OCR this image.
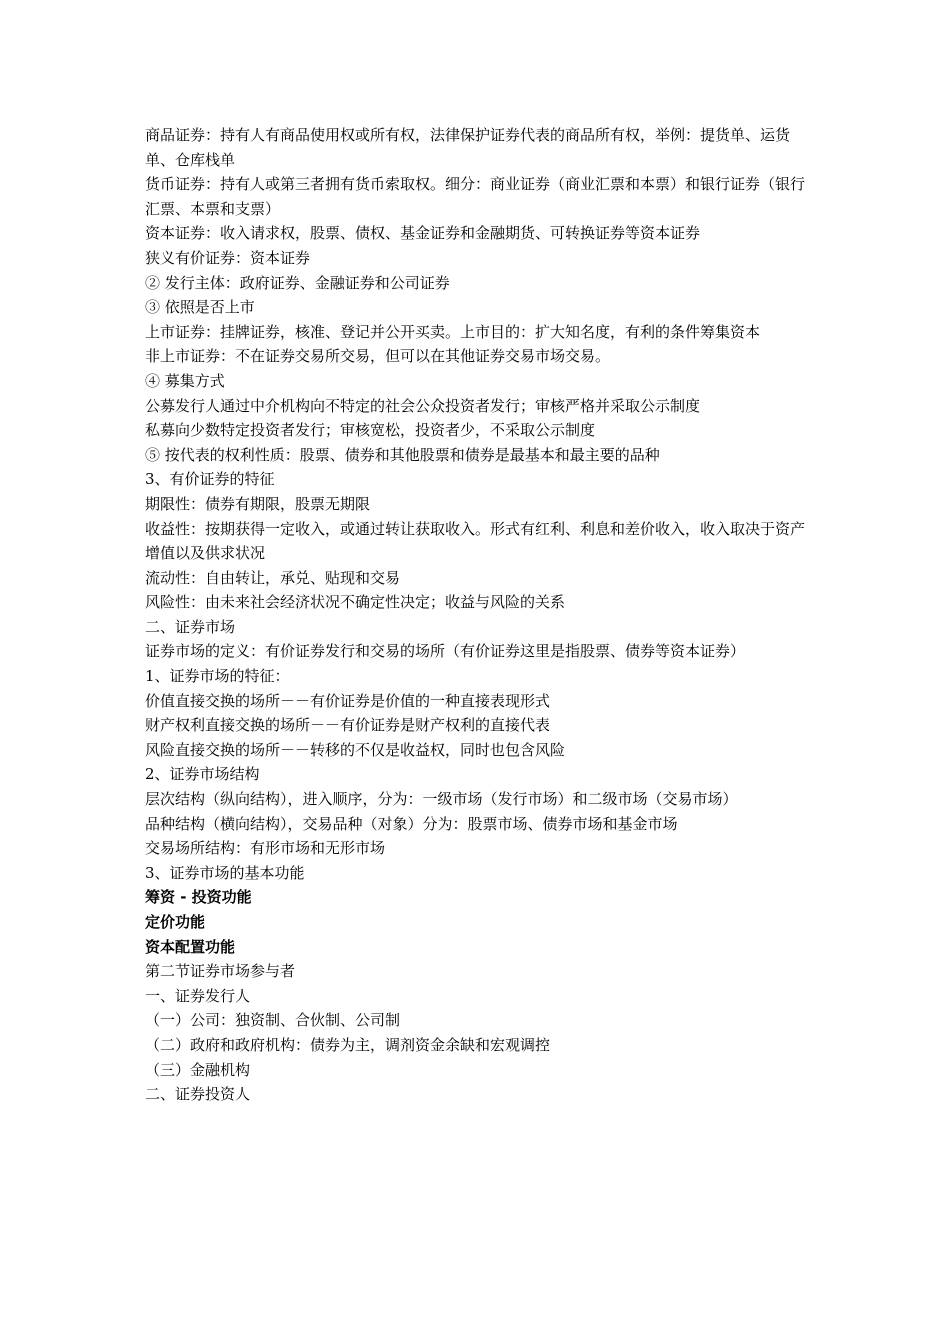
商品证券：持有人有商品使用权或所有权，法律保护证券代表的商品所有权，举例：提货单、运货单、仓库栈单

货币证券：持有人或第三者拥有货币索取权。细分：商业证券（商业汇票和本票）和银行证券（银行汇票、本票和支票）

资本证券：收入请求权，股票、债权、基金证券和金融期货、可转换证券等资本证券

狭义有价证券：资本证券

② 发行主体：政府证券、金融证券和公司证券

③ 依照是否上市

上市证券：挂牌证券，核准、登记并公开买卖。上市目的：扩大知名度，有利的条件筹集资本

非上市证券：不在证券交易所交易，但可以在其他证券交易市场交易。

④ 募集方式

公募发行人通过中介机构向不特定的社会公众投资者发行；审核严格并采取公示制度

私募向少数特定投资者发行；审核宽松，投资者少，不采取公示制度

⑤ 按代表的权利性质：股票、债券和其他股票和债券是最基本和最主要的品种

3、有价证券的特征

期限性：债券有期限，股票无期限

收益性：按期获得一定收入，或通过转让获取收入。形式有红利、利息和差价收入，收入取决于资产

增值以及供求状况

流动性：自由转让，承兑、贴现和交易

风险性：由未来社会经济状况不确定性决定；收益与风险的关系

二、证券市场

证券市场的定义：有价证券发行和交易的场所（有价证券这里是指股票、债券等资本证券）

1、证券市场的特征：

价值直接交换的场所－－有价证券是价值的一种直接表现形式

财产权利直接交换的场所－－有价证券是财产权利的直接代表

风险直接交换的场所－－转移的不仅是收益权，同时也包含风险

2、证券市场结构

层次结构（纵向结构），进入顺序，分为：一级市场（发行市场）和二级市场（交易市场）

品种结构（横向结构），交易品种（对象）分为：股票市场、债券市场和基金市场

交易场所结构：有形市场和无形市场

3、证券市场的基本功能

筹资 - 投资功能

定价功能

资本配置功能

第二节证券市场参与者

一、证券发行人

（一）公司：独资制、合伙制、公司制

（二）政府和政府机构：债券为主，调剂资金余缺和宏观调控

（三）金融机构

二、证券投资人
